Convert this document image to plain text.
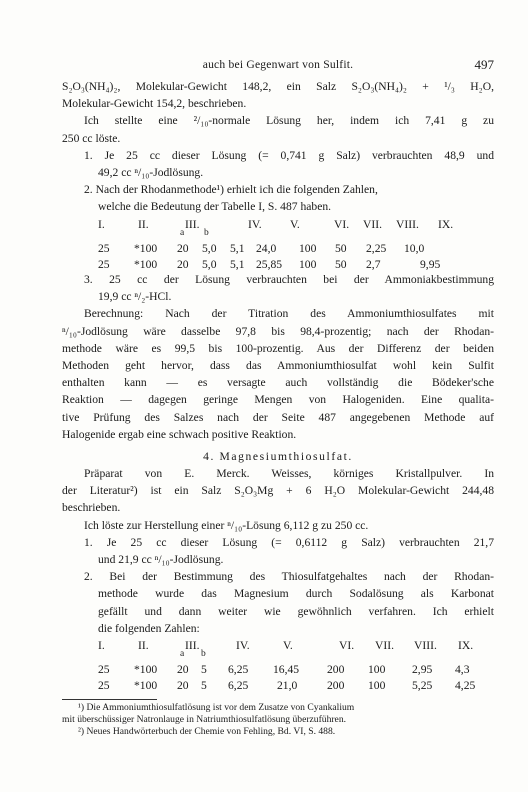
auch bei Gegenwart von Sulfit.	497
S₂O₃(NH₄)₂, Molekular-Gewicht 148,2, ein Salz S₂O₃(NH₄)₂ + ¹/₃ H₂O,
Molekular-Gewicht 154,2, beschrieben.
Ich stellte eine ²/₁₀-normale Lösung her, indem ich 7,41 g zu
250 cc löste.
1. Je 25 cc dieser Lösung (= 0,741 g Salz) verbrauchten 48,9 und
49,2 cc ⁿ/₁₀-Jodlösung.
2. Nach der Rhodanmethode¹) erhielt ich die folgenden Zahlen,
welche die Bedeutung der Tabelle I, S. 487 haben.
I.	II.	III.	IV. V.	VI. VII. VIII. IX.
a b
25 *100 20 5,0 5,1 24,0 100 50 2,25 10,0
25 *100 20 5,0 5,1 25,85 100 50 2,7	9,95
3. 25 cc der Lösung verbrauchten bei der Ammoniakbestimmung
19,9 cc ⁿ/₂-HCl.
Berechnung: Nach der Titration des Ammoniumthiosulfates mit
ⁿ/₁₀-Jodlösung wäre dasselbe 97,8 bis 98,4-prozentig; nach der Rhodan-
methode wäre es 99,5 bis 100-prozentig. Aus der Differenz der beiden
Methoden geht hervor, dass das Ammoniumthiosulfat wohl kein Sulfit
enthalten kann — es versagte auch vollständig die Bödeker'sche
Reaktion — dagegen geringe Mengen von Halogeniden. Eine qualita-
tive Prüfung des Salzes nach der Seite 487 angegebenen Methode auf
Halogenide ergab eine schwach positive Reaktion.
4. Magnesiumthiosulfat.
Präparat von E. Merck. Weisses, körniges Kristallpulver. In
der Literatur²) ist ein Salz S₂O₃Mg + 6 H₂O Molekular-Gewicht 244,48
beschrieben.
Ich löste zur Herstellung einer ⁿ/₁₀-Lösung 6,112 g zu 250 cc.
1. Je 25 cc dieser Lösung (= 0,6112 g Salz) verbrauchten 21,7
und 21,9 cc ⁿ/₁₀-Jodlösung.
2. Bei der Bestimmung des Thiosulfatgehaltes nach der Rhodan-
methode wurde das Magnesium durch Sodalösung als Karbonat
gefällt und dann weiter wie gewöhnlich verfahren. Ich erhielt
die folgenden Zahlen:
I.	II.	III.	IV.	V.	VI. VII. VIII. IX.
a b
25 *100 20 5 6,25 16,45 200 100 2,95 4,3
25 *100 20 5 6,25 21,0	200 100 5,25 4,25
¹) Die Ammoniumthiosulfatlösung ist vor dem Zusatze von Cyankalium
mit überschüssiger Natronlauge in Natriumthiosulfatlösung überzuführen.
²) Neues Handwörterbuch der Chemie von Fehling, Bd. VI, S. 488.
